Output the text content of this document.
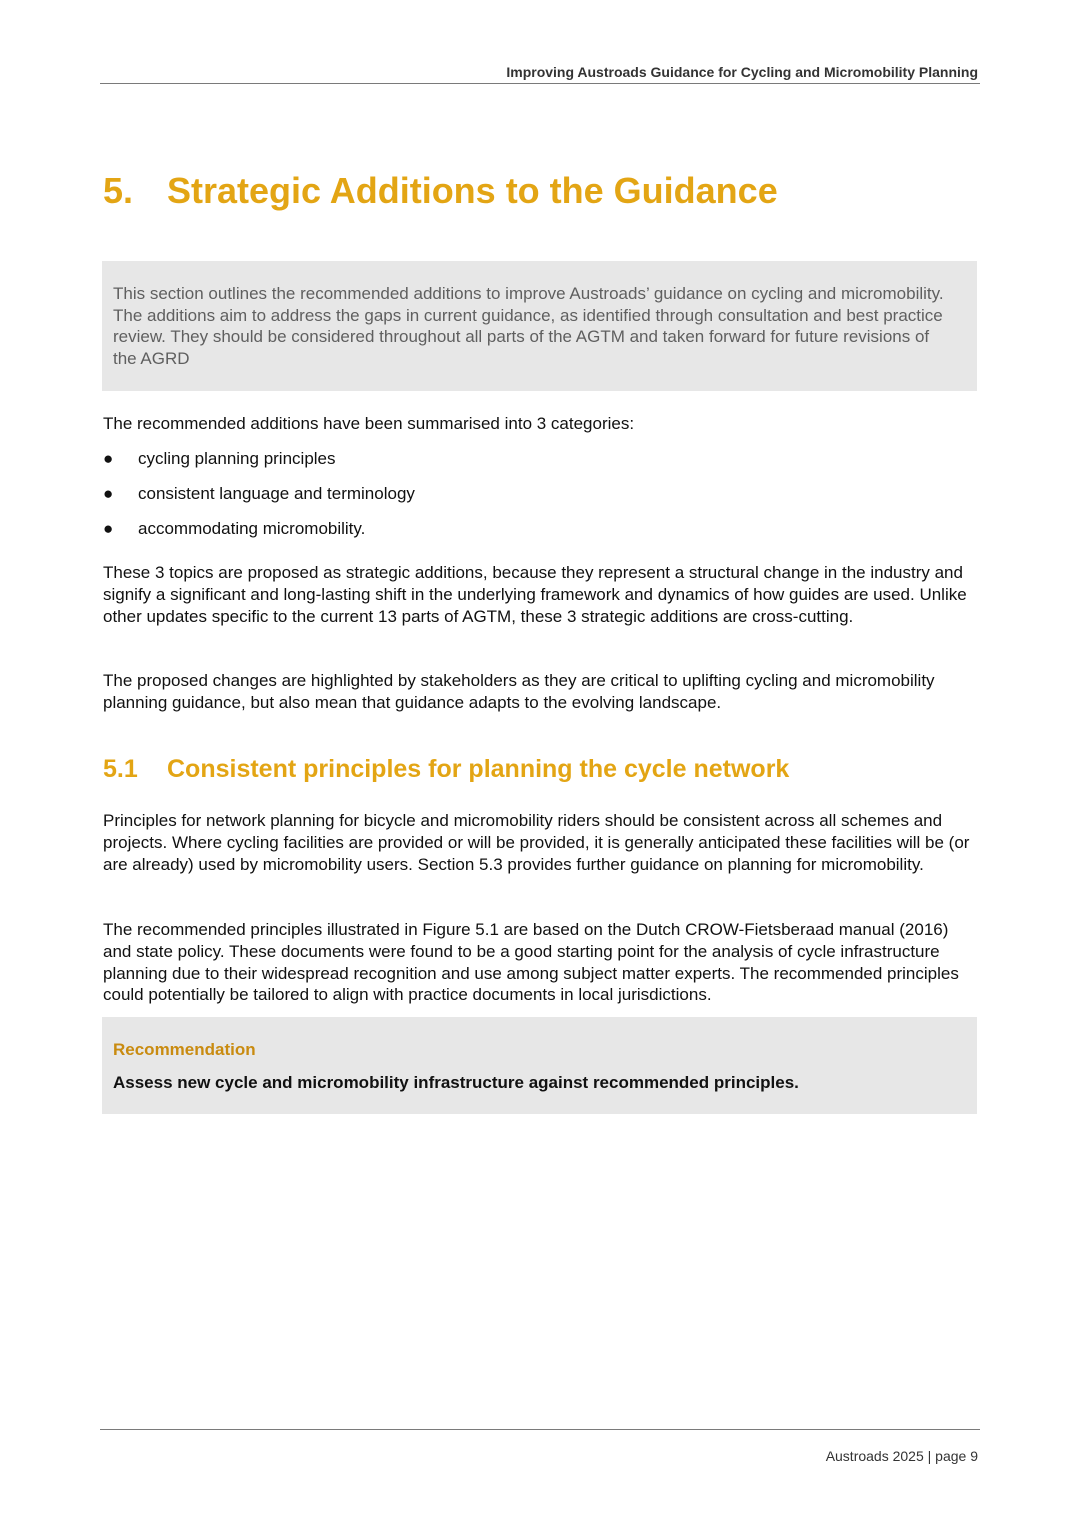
Improving Austroads Guidance for Cycling and Micromobility Planning
5. Strategic Additions to the Guidance
This section outlines the recommended additions to improve Austroads’ guidance on cycling and micromobility. The additions aim to address the gaps in current guidance, as identified through consultation and best practice review. They should be considered throughout all parts of the AGTM and taken forward for future revisions of the AGRD

The recommended additions have been summarised into 3 categories:

● cycling planning principles
● consistent language and terminology
● accommodating micromobility.

These 3 topics are proposed as strategic additions, because they represent a structural change in the industry and signify a significant and long-lasting shift in the underlying framework and dynamics of how guides are used. Unlike other updates specific to the current 13 parts of AGTM, these 3 strategic additions are cross-cutting.

The proposed changes are highlighted by stakeholders as they are critical to uplifting cycling and micromobility planning guidance, but also mean that guidance adapts to the evolving landscape.

5.1 Consistent principles for planning the cycle network

Principles for network planning for bicycle and micromobility riders should be consistent across all schemes and projects. Where cycling facilities are provided or will be provided, it is generally anticipated these facilities will be (or are already) used by micromobility users. Section 5.3 provides further guidance on planning for micromobility.

The recommended principles illustrated in Figure 5.1 are based on the Dutch CROW-Fietsberaad manual (2016) and state policy. These documents were found to be a good starting point for the analysis of cycle infrastructure planning due to their widespread recognition and use among subject matter experts. The recommended principles could potentially be tailored to align with practice documents in local jurisdictions.

Recommendation
Assess new cycle and micromobility infrastructure against recommended principles.
Austroads 2025 | page 9
